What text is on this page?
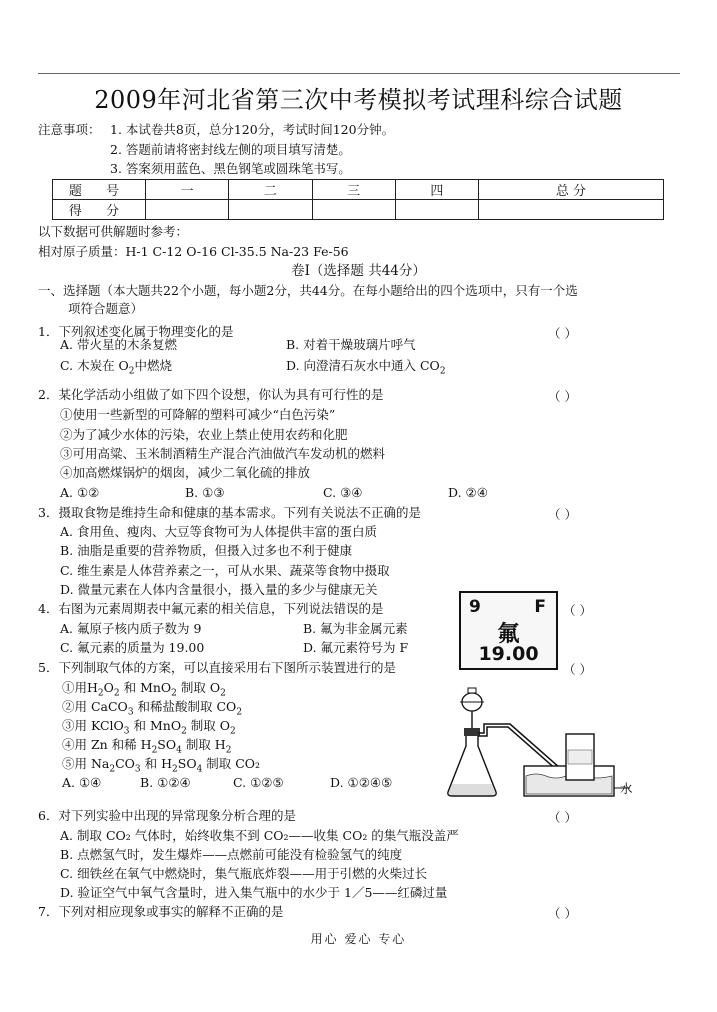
2009年河北省第三次中考模拟考试理科综合试题
注意事项： 1. 本试卷共8页，总分120分，考试时间120分钟。
2. 答题前请将密封线左侧的项目填写清楚。
3. 答案须用蓝色、黑色钢笔或圆珠笔书写。
题 号	一	二	三	四	总 分
得 分					
以下数据可供解题时参考：
相对原子质量：H-1 C-12 O-16 Cl-35.5 Na-23 Fe-56
卷Ⅰ（选择题 共44分）
一、选择题（本大题共22个小题，每小题2分，共44分。在每小题给出的四个选项中，只有一个选
项符合题意）
1．下列叙述变化属于物理变化的是	（ ）
A. 带火星的木条复燃	B. 对着干燥玻璃片呼气
C. 木炭在 $O_2$中燃烧	D. 向澄清石灰水中通入 $CO_2$
2．某化学活动小组做了如下四个设想，你认为具有可行性的是	（ ）
①使用一些新型的可降解的塑料可减少“白色污染”
②为了减少水体的污染，农业上禁止使用农药和化肥
③可用高粱、玉米制酒精生产混合汽油做汽车发动机的燃料
④加高燃煤锅炉的烟囱，减少二氧化硫的排放
A. ①②	B. ①③	C. ③④	D. ②④
3．摄取食物是维持生命和健康的基本需求。下列有关说法不正确的是	（ ）
A. 食用鱼、瘦肉、大豆等食物可为人体提供丰富的蛋白质
B. 油脂是重要的营养物质，但摄入过多也不利于健康
C. 维生素是人体营养素之一，可从水果、蔬菜等食物中摄取
D. 微量元素在人体内含量很小，摄入量的多少与健康无关
4．右图为元素周期表中氟元素的相关信息，下列说法错误的是	（ ）
A. 氟原子核内质子数为 9	B. 氟为非金属元素
C. 氟元素的质量为 19.00	D. 氟元素符号为 F
9	F
氟
19.00
5．下列制取气体的方案，可以直接采用右下图所示装置进行的是	（ ）
①用$H_2O_2$ 和 MnO$_2$ 制取 $O_2$
②用 CaCO$_3$ 和稀盐酸制取 $CO_2$
③用 KClO$_3$ 和 MnO$_2$ 制取 $O_2$
④用 Zn 和稀 $H_2SO_4$ 制取 $H_2$
⑤用 $Na_2CO_3$ 和 $H_2SO_4$ 制取 CO₂
A. ①④	B. ①②④	C. ①②⑤	D. ①②④⑤	水
6．对下列实验中出现的异常现象分析合理的是	（ ）
A. 制取 CO₂ 气体时，始终收集不到 CO₂——收集 CO₂ 的集气瓶没盖严
B. 点燃氢气时，发生爆炸——点燃前可能没有检验氢气的纯度
C. 细铁丝在氧气中燃烧时，集气瓶底炸裂——用于引燃的火柴过长
D. 验证空气中氧气含量时，进入集气瓶中的水少于 1／5——红磷过量
7．下列对相应现象或事实的解释不正确的是	（ ）
用心 爱心 专心
